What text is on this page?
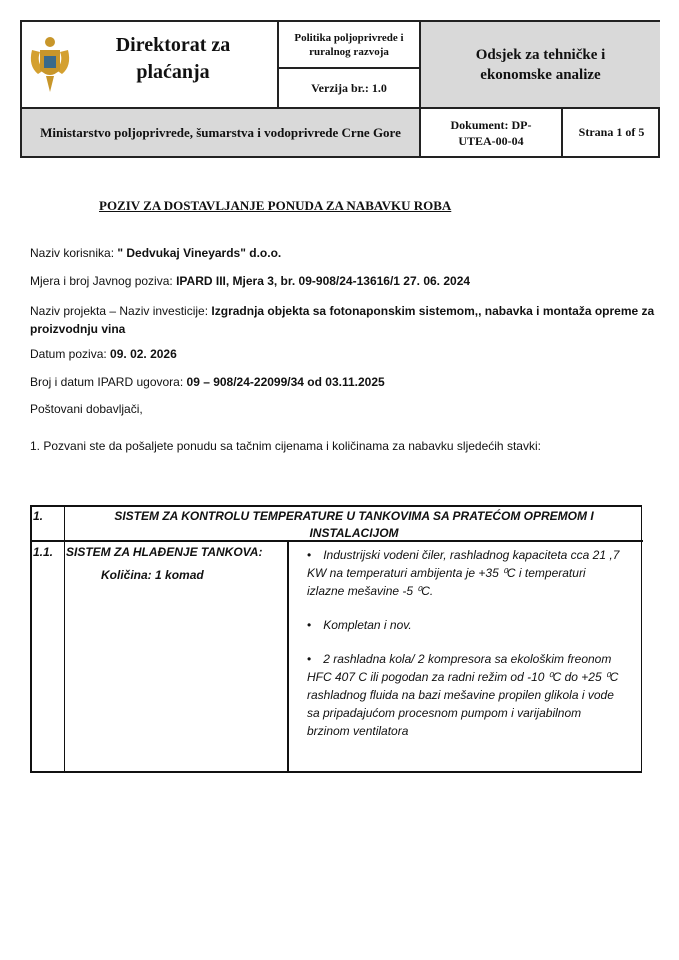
Direktorat za plaćanja
Politika poljoprivrede i ruralnog razvoja
Verzija br.: 1.0
Odsjek za tehničke i ekonomske analize
Ministarstvo poljoprivrede, šumarstva i vodoprivrede Crne Gore
Dokument: DP-UTEA-00-04
Strana 1 of 5
POZIV ZA DOSTAVLJANJE PONUDA ZA NABAVKU ROBA
Naziv korisnika: " Dedvukaj Vineyards" d.o.o.
Mjera i broj Javnog poziva: IPARD III, Mjera 3, br. 09-908/24-13616/1 27. 06. 2024
Naziv projekta – Naziv investicije: Izgradnja objekta sa fotonaponskim sistemom,, nabavka i montaža opreme za proizvodnju vina
Datum poziva: 09. 02. 2026
Broj i datum IPARD ugovora: 09 – 908/24-22099/34 od 03.11.2025
Poštovani dobavljači,
1. Pozvani ste da pošaljete ponudu sa tačnim cijenama i količinama za nabavku sljedećih stavki:
1.	SISTEM ZA KONTROLU TEMPERATURE U TANKOVIMA SA PRATEĆOM OPREMOM I INSTALACIJOM
1.1.	SISTEM ZA HLAĐENJE TANKOVA:
Količina: 1 komad
• Industrijski vodeni čiler, rashladnog kapaciteta cca 21 ,7 KW na temperaturi ambijenta je +35 ⁰C i temperaturi izlazne mešavine -5 ⁰C.
• Kompletan i nov.
• 2 rashladna kola/ 2 kompresora sa ekološkim freonom HFC 407 C ili pogodan za radni režim od -10 ⁰C do +25 ⁰C rashladnog fluida na bazi mešavine propilen glikola i vode sa pripadajućom procesnom pumpom i varijabilnom brzinom ventilatora
